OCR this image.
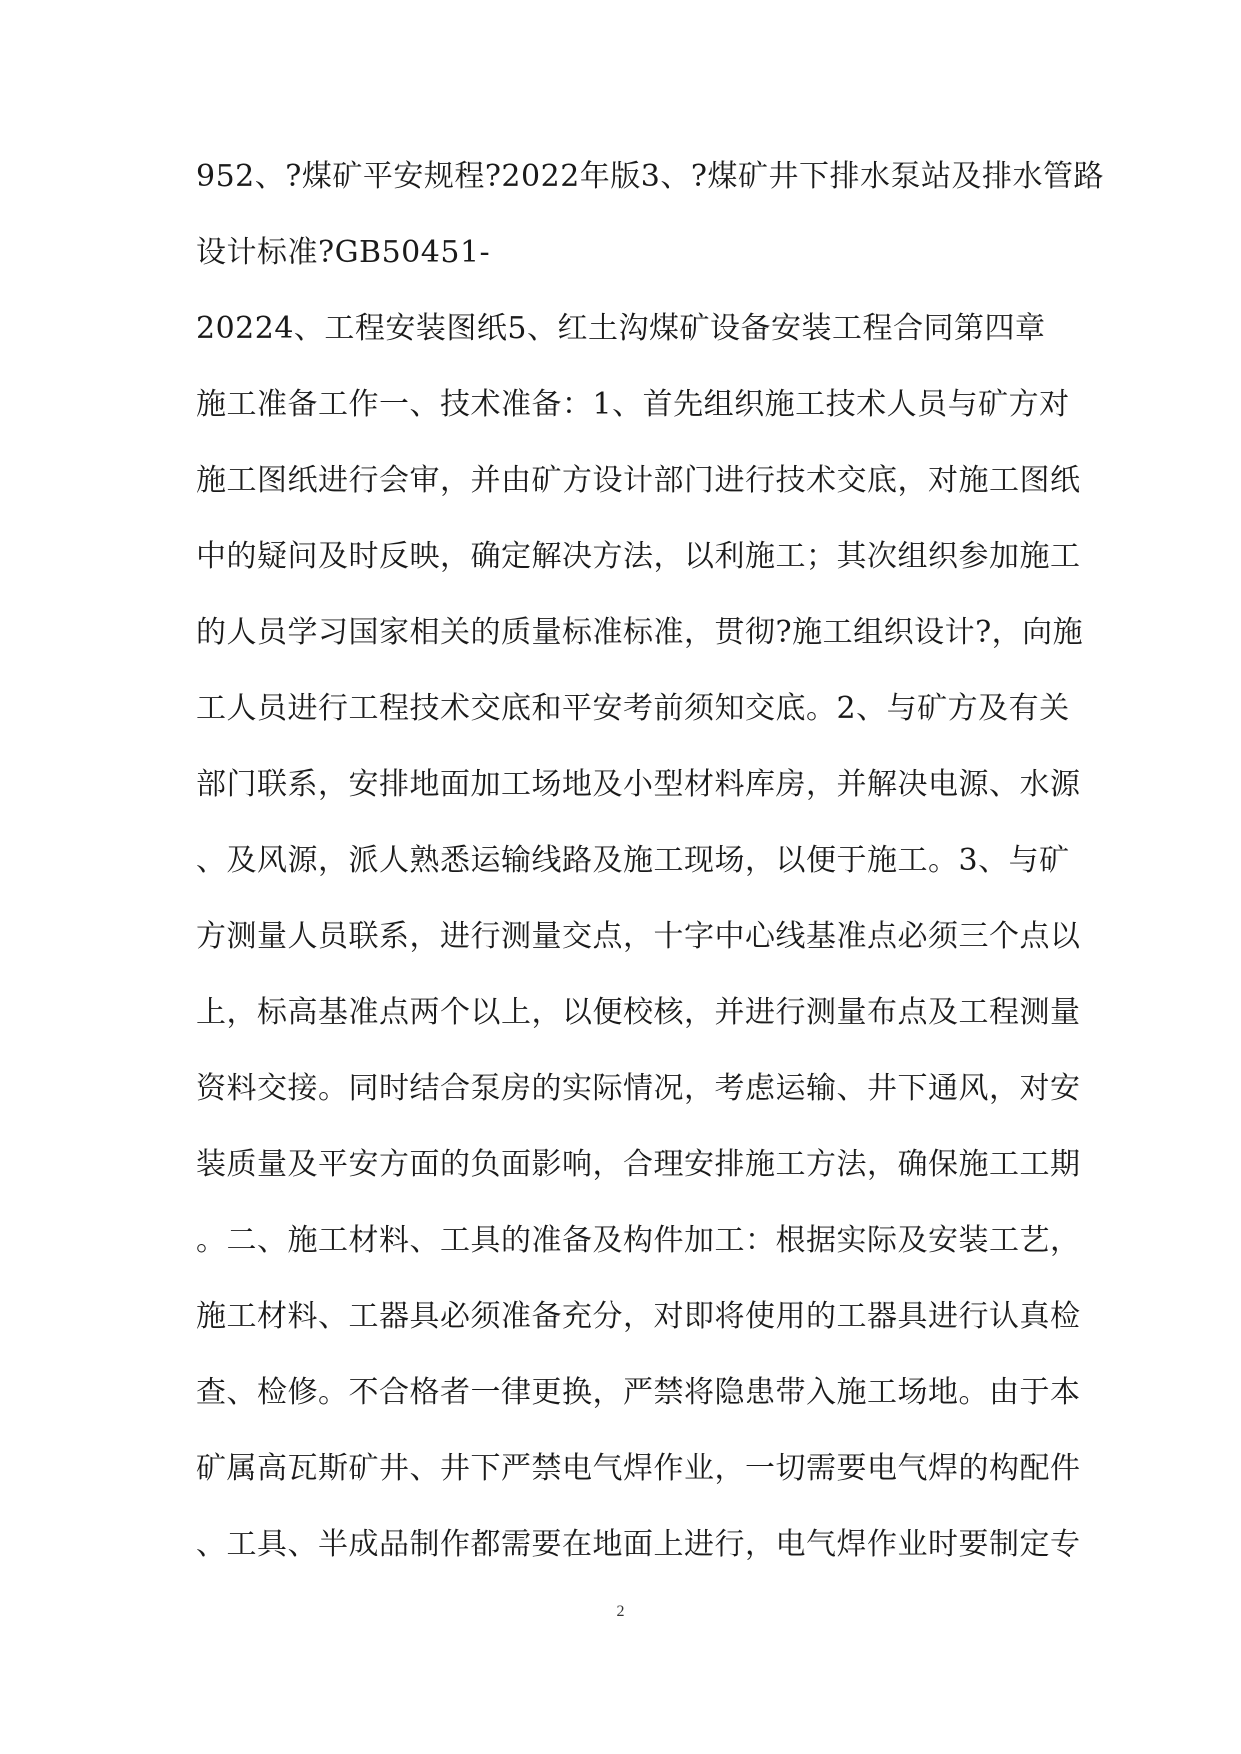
952、?煤矿平安规程?2022年版3、?煤矿井下排水泵站及排水管路
设计标准?GB50451-
20224、工程安装图纸5、红土沟煤矿设备安装工程合同第四章
施工准备工作一、技术准备：1、首先组织施工技术人员与矿方对
施工图纸进行会审，并由矿方设计部门进行技术交底，对施工图纸
中的疑问及时反映，确定解决方法，以利施工；其次组织参加施工
的人员学习国家相关的质量标准标准，贯彻?施工组织设计?，向施
工人员进行工程技术交底和平安考前须知交底。2、与矿方及有关
部门联系，安排地面加工场地及小型材料库房，并解决电源、水源
、及风源，派人熟悉运输线路及施工现场，以便于施工。3、与矿
方测量人员联系，进行测量交点，十字中心线基准点必须三个点以
上，标高基准点两个以上，以便校核，并进行测量布点及工程测量
资料交接。同时结合泵房的实际情况，考虑运输、井下通风，对安
装质量及平安方面的负面影响，合理安排施工方法，确保施工工期
。二、施工材料、工具的准备及构件加工：根据实际及安装工艺，
施工材料、工器具必须准备充分，对即将使用的工器具进行认真检
查、检修。不合格者一律更换，严禁将隐患带入施工场地。由于本
矿属高瓦斯矿井、井下严禁电气焊作业，一切需要电气焊的构配件
、工具、半成品制作都需要在地面上进行，电气焊作业时要制定专
2
